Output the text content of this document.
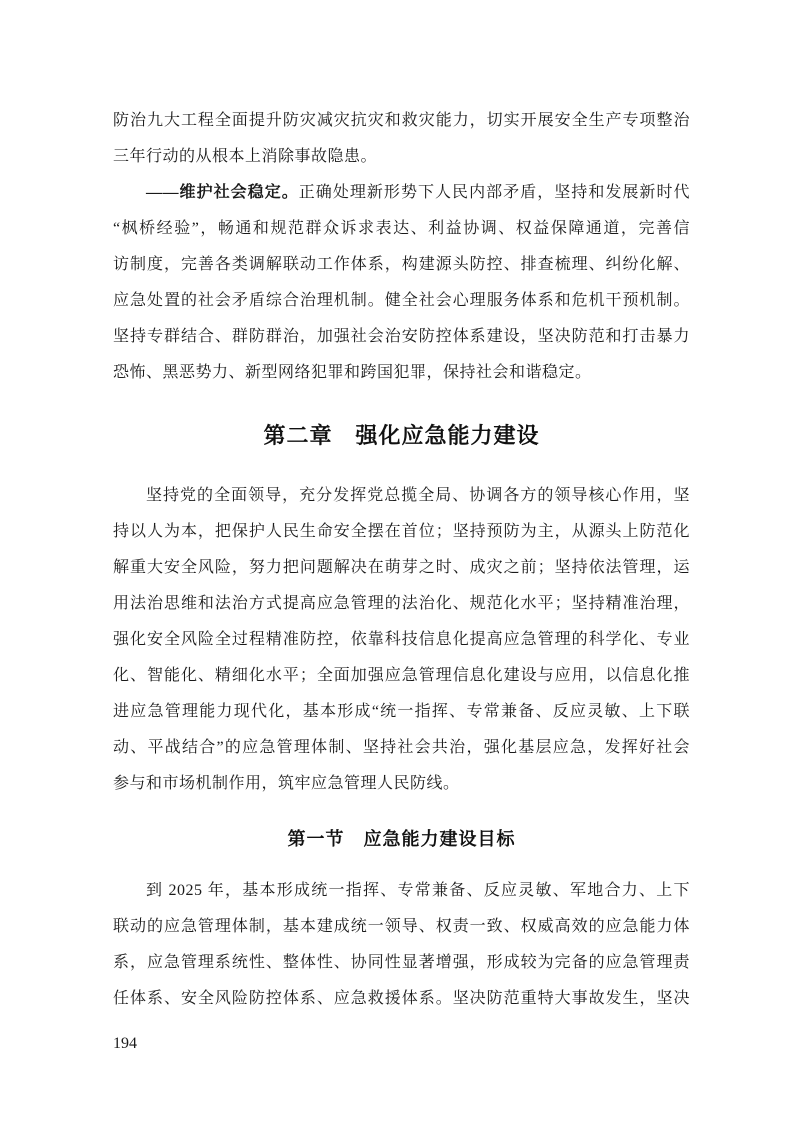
防治九大工程全面提升防灾减灾抗灾和救灾能力，切实开展安全生产专项整治
三年行动的从根本上消除事故隐患。
——维护社会稳定。正确处理新形势下人民内部矛盾，坚持和发展新时代
“枫桥经验”，畅通和规范群众诉求表达、利益协调、权益保障通道，完善信
访制度，完善各类调解联动工作体系，构建源头防控、排查梳理、纠纷化解、
应急处置的社会矛盾综合治理机制。健全社会心理服务体系和危机干预机制。
坚持专群结合、群防群治，加强社会治安防控体系建设，坚决防范和打击暴力
恐怖、黑恶势力、新型网络犯罪和跨国犯罪，保持社会和谐稳定。
第二章　强化应急能力建设
坚持党的全面领导，充分发挥党总揽全局、协调各方的领导核心作用，坚
持以人为本，把保护人民生命安全摆在首位；坚持预防为主，从源头上防范化
解重大安全风险，努力把问题解决在萌芽之时、成灾之前；坚持依法管理，运
用法治思维和法治方式提高应急管理的法治化、规范化水平；坚持精准治理，
强化安全风险全过程精准防控，依靠科技信息化提高应急管理的科学化、专业
化、智能化、精细化水平；全面加强应急管理信息化建设与应用，以信息化推
进应急管理能力现代化，基本形成“统一指挥、专常兼备、反应灵敏、上下联
动、平战结合”的应急管理体制、坚持社会共治，强化基层应急，发挥好社会
参与和市场机制作用，筑牢应急管理人民防线。
第一节　应急能力建设目标
到 2025 年，基本形成统一指挥、专常兼备、反应灵敏、军地合力、上下
联动的应急管理体制，基本建成统一领导、权责一致、权威高效的应急能力体
系，应急管理系统性、整体性、协同性显著增强，形成较为完备的应急管理责
任体系、安全风险防控体系、应急救援体系。坚决防范重特大事故发生，坚决
194
